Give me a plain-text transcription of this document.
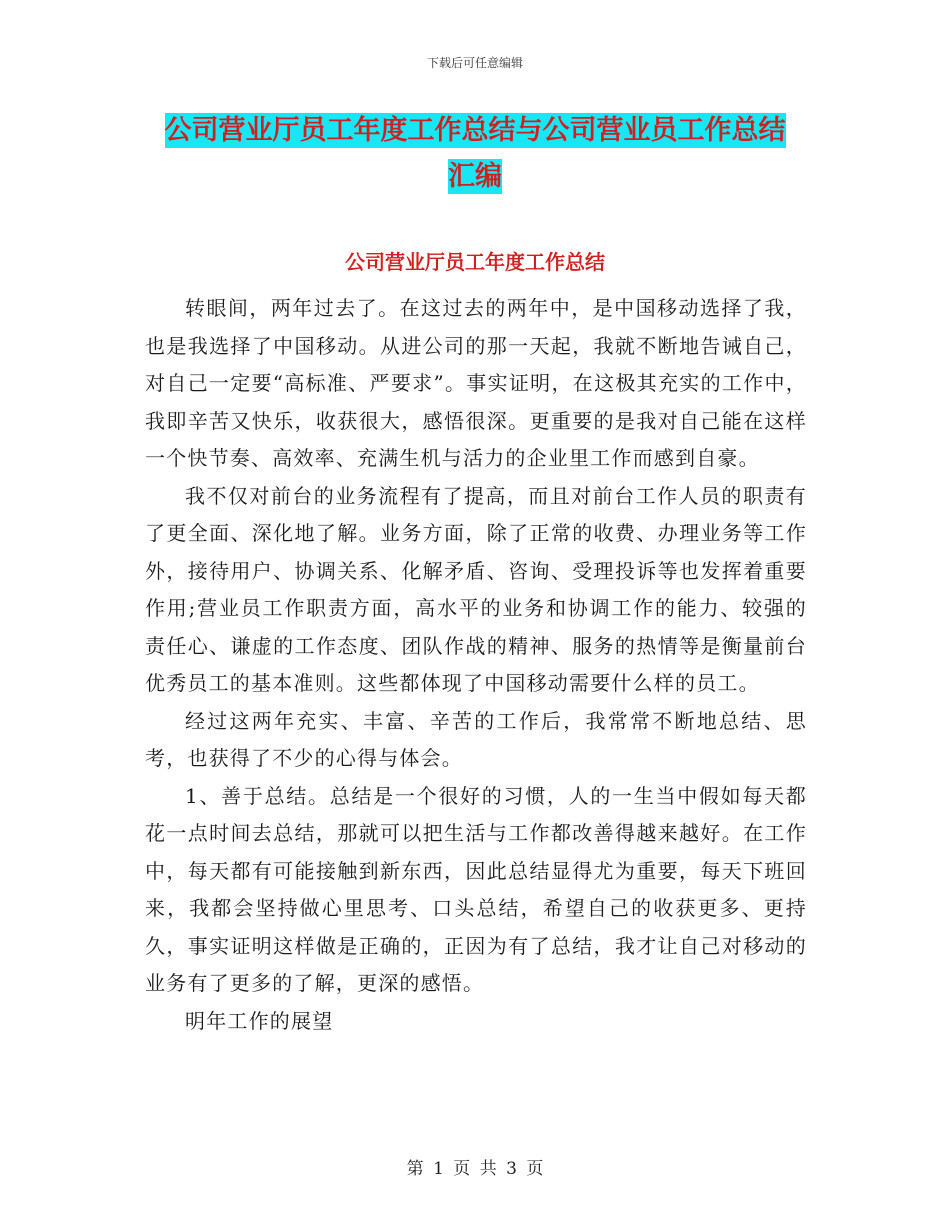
下载后可任意编辑
公司营业厅员工年度工作总结与公司营业员工作总结
汇编
公司营业厅员工年度工作总结

转眼间，两年过去了。在这过去的两年中，是中国移动选择了我，也是我选择了中国移动。从进公司的那一天起，我就不断地告诫自己，对自己一定要“高标准、严要求”。事实证明，在这极其充实的工作中，我即辛苦又快乐，收获很大，感悟很深。更重要的是我对自己能在这样一个快节奏、高效率、充满生机与活力的企业里工作而感到自豪。

我不仅对前台的业务流程有了提高，而且对前台工作人员的职责有了更全面、深化地了解。业务方面，除了正常的收费、办理业务等工作外，接待用户、协调关系、化解矛盾、咨询、受理投诉等也发挥着重要作用;营业员工作职责方面，高水平的业务和协调工作的能力、较强的责任心、谦虚的工作态度、团队作战的精神、服务的热情等是衡量前台优秀员工的基本准则。这些都体现了中国移动需要什么样的员工。

经过这两年充实、丰富、辛苦的工作后，我常常不断地总结、思考，也获得了不少的心得与体会。

1、善于总结。总结是一个很好的习惯，人的一生当中假如每天都花一点时间去总结，那就可以把生活与工作都改善得越来越好。在工作中，每天都有可能接触到新东西，因此总结显得尤为重要，每天下班回来，我都会坚持做心里思考、口头总结，希望自己的收获更多、更持久，事实证明这样做是正确的，正因为有了总结，我才让自己对移动的业务有了更多的了解，更深的感悟。

明年工作的展望

第 1 页 共 3 页
